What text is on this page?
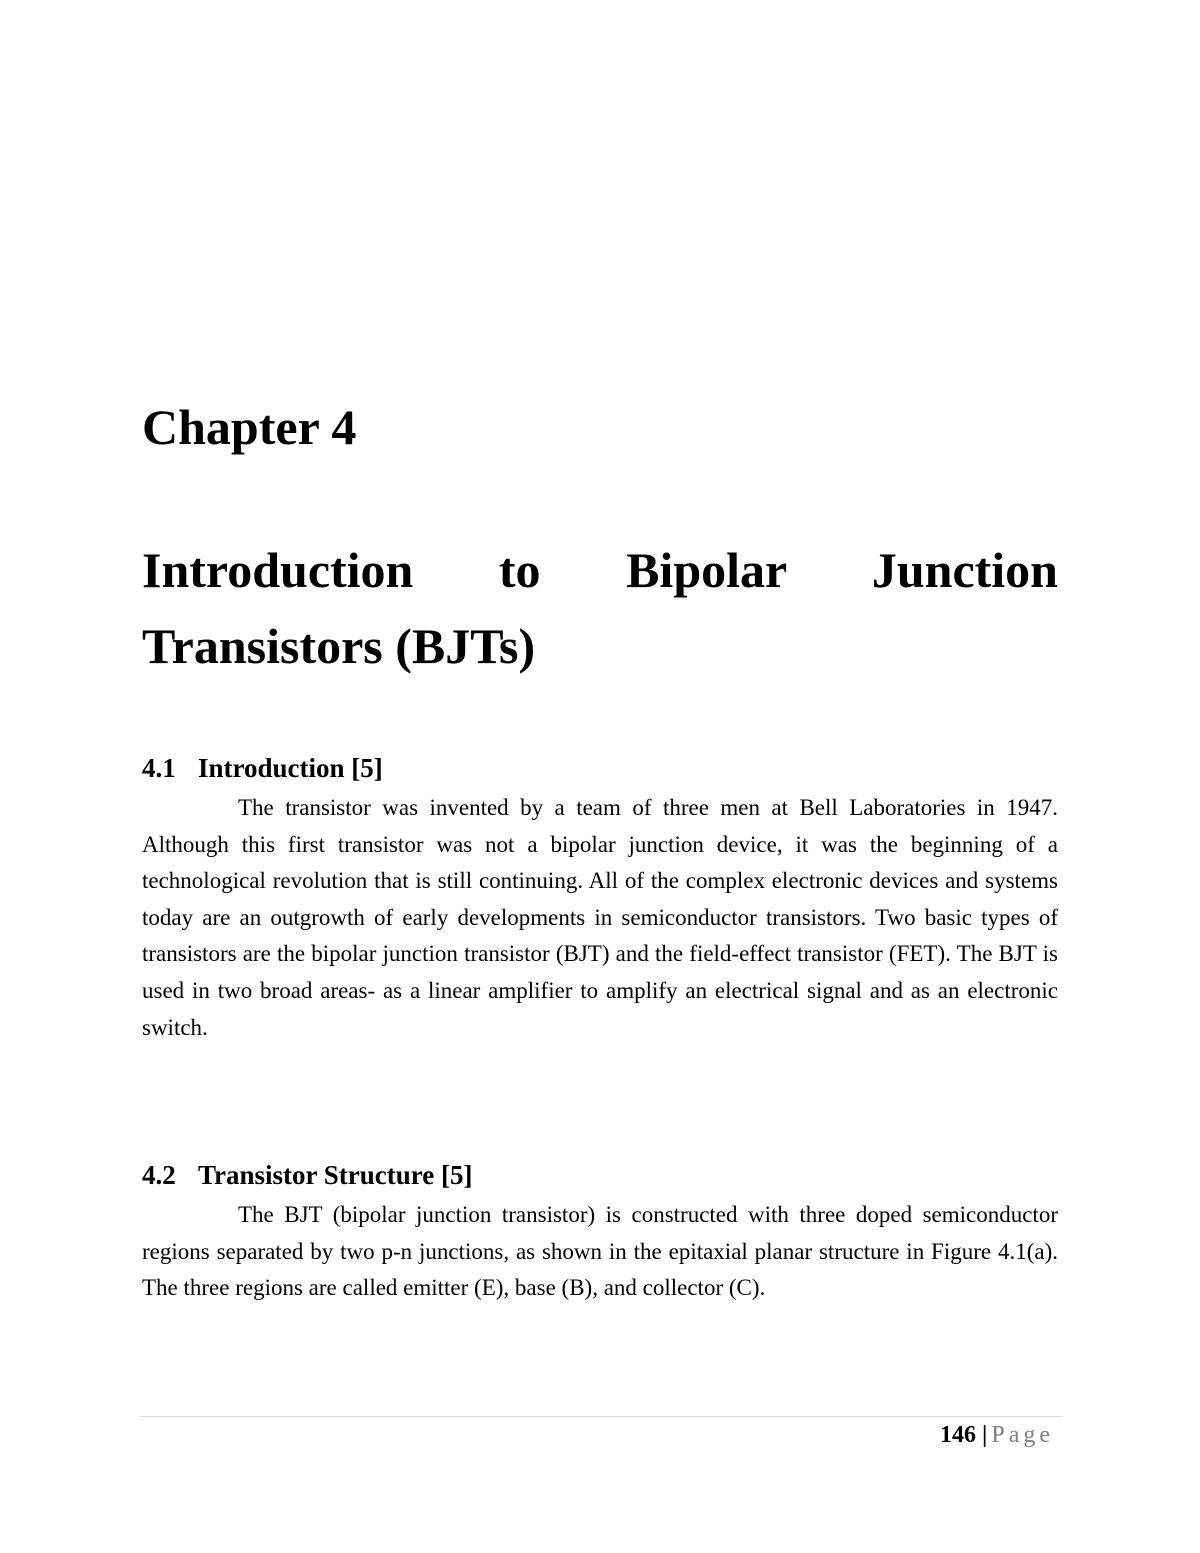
Chapter 4
Introduction to Bipolar Junction Transistors (BJTs)
4.1 Introduction [5]

The transistor was invented by a team of three men at Bell Laboratories in 1947. Although this first transistor was not a bipolar junction device, it was the beginning of a technological revolution that is still continuing. All of the complex electronic devices and systems today are an outgrowth of early developments in semiconductor transistors. Two basic types of transistors are the bipolar junction transistor (BJT) and the field-effect transistor (FET). The BJT is used in two broad areas- as a linear amplifier to amplify an electrical signal and as an electronic switch.

4.2 Transistor Structure [5]

The BJT (bipolar junction transistor) is constructed with three doped semiconductor regions separated by two p-n junctions, as shown in the epitaxial planar structure in Figure 4.1(a). The three regions are called emitter (E), base (B), and collector (C).

146 | Page
